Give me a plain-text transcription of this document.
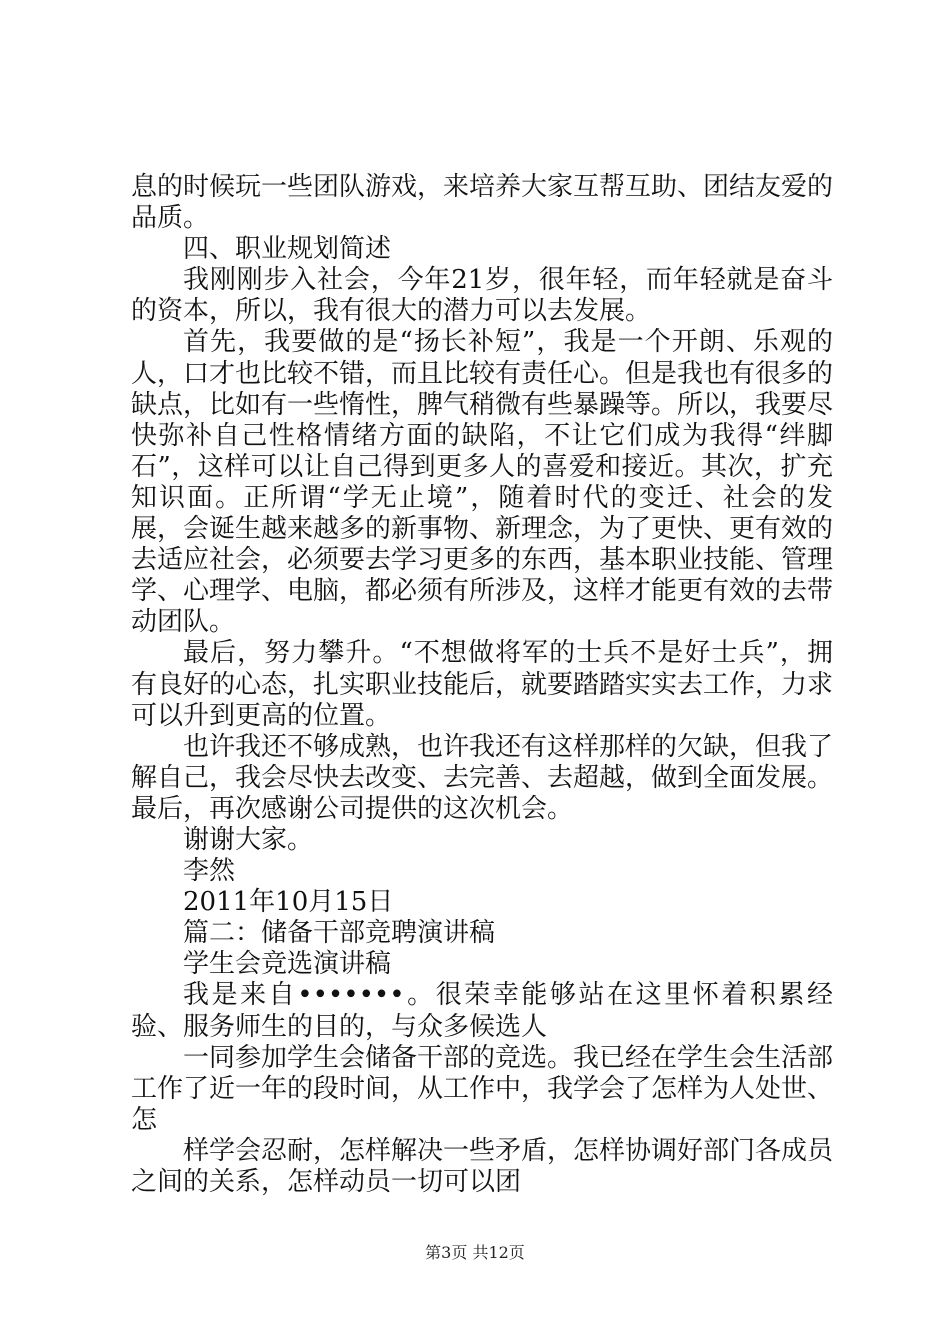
息的时候玩一些团队游戏，来培养大家互帮互助、团结友爱的品质。

四、职业规划简述

我刚刚步入社会，今年21岁，很年轻，而年轻就是奋斗的资本，所以，我有很大的潜力可以去发展。

首先，我要做的是“扬长补短”，我是一个开朗、乐观的人，口才也比较不错，而且比较有责任心。但是我也有很多的缺点，比如有一些惰性，脾气稍微有些暴躁等。所以，我要尽快弥补自己性格情绪方面的缺陷，不让它们成为我得“绊脚石”，这样可以让自己得到更多人的喜爱和接近。其次，扩充知识面。正所谓“学无止境”，随着时代的变迁、社会的发展，会诞生越来越多的新事物、新理念，为了更快、更有效的去适应社会，必须要去学习更多的东西，基本职业技能、管理学、心理学、电脑，都必须有所涉及，这样才能更有效的去带动团队。

最后，努力攀升。“不想做将军的士兵不是好士兵”，拥有良好的心态，扎实职业技能后，就要踏踏实实去工作，力求可以升到更高的位置。

也许我还不够成熟，也许我还有这样那样的欠缺，但我了解自己，我会尽快去改变、去完善、去超越，做到全面发展。最后，再次感谢公司提供的这次机会。

谢谢大家。

李然

2011年10月15日

篇二：储备干部竞聘演讲稿

学生会竞选演讲稿

我是来自•••••••。很荣幸能够站在这里怀着积累经验、服务师生的目的，与众多候选人

一同参加学生会储备干部的竞选。我已经在学生会生活部工作了近一年的段时间，从工作中，我学会了怎样为人处世、怎

样学会忍耐，怎样解决一些矛盾，怎样协调好部门各成员之间的关系，怎样动员一切可以团

第3页 共12页
